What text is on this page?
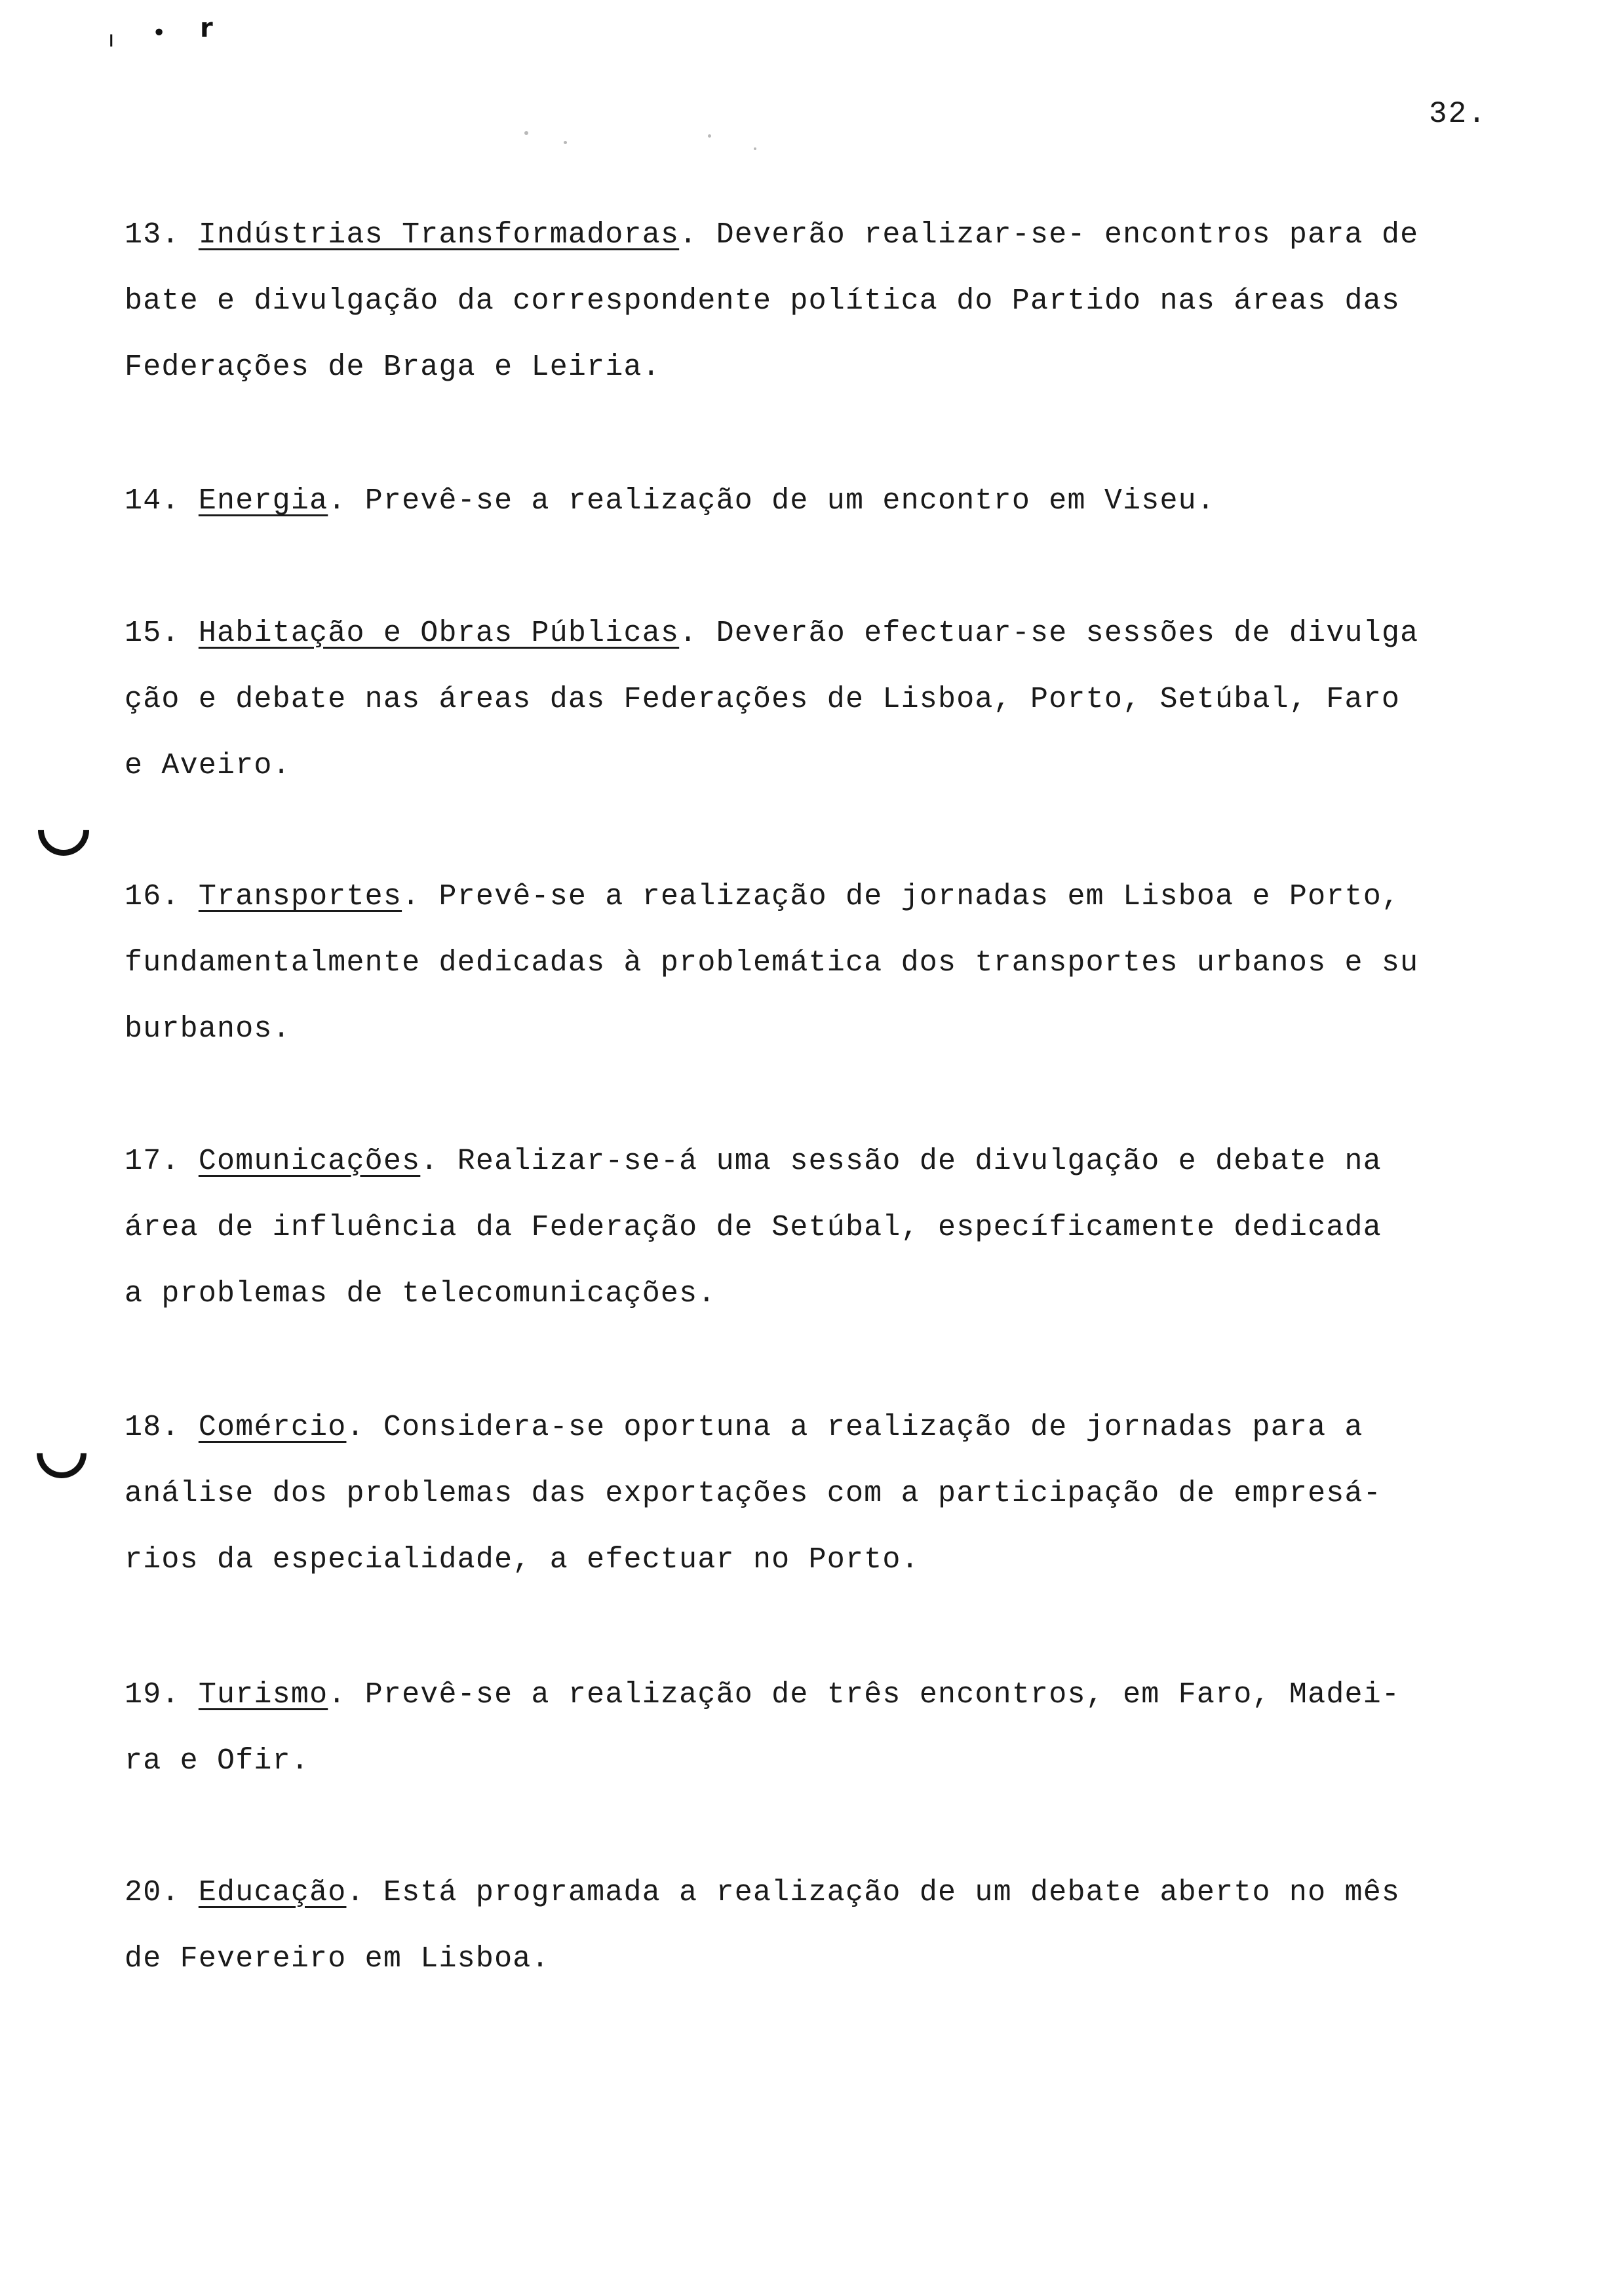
ı • r
32.
13. Indústrias Transformadoras. Deverão realizar-se- encontros para de
bate e divulgação da correspondente política do Partido nas áreas das
Federações de Braga e Leiria.
14. Energia. Prevê-se a realização de um encontro em Viseu.
15. Habitação e Obras Públicas. Deverão efectuar-se sessões de divulga
ção e debate nas áreas das Federações de Lisboa, Porto, Setúbal, Faro
e Aveiro.
16. Transportes. Prevê-se a realização de jornadas em Lisboa e Porto,
fundamentalmente dedicadas à problemática dos transportes urbanos e su
burbanos.
17. Comunicações. Realizar-se-á uma sessão de divulgação e debate na
área de influência da Federação de Setúbal, específicamente dedicada
a problemas de telecomunicações.
18. Comércio. Considera-se oportuna a realização de jornadas para a
análise dos problemas das exportações com a participação de empresá-
rios da especialidade, a efectuar no Porto.
19. Turismo. Prevê-se a realização de três encontros, em Faro, Madei-
ra e Ofir.
20. Educação. Está programada a realização de um debate aberto no mês
de Fevereiro em Lisboa.
